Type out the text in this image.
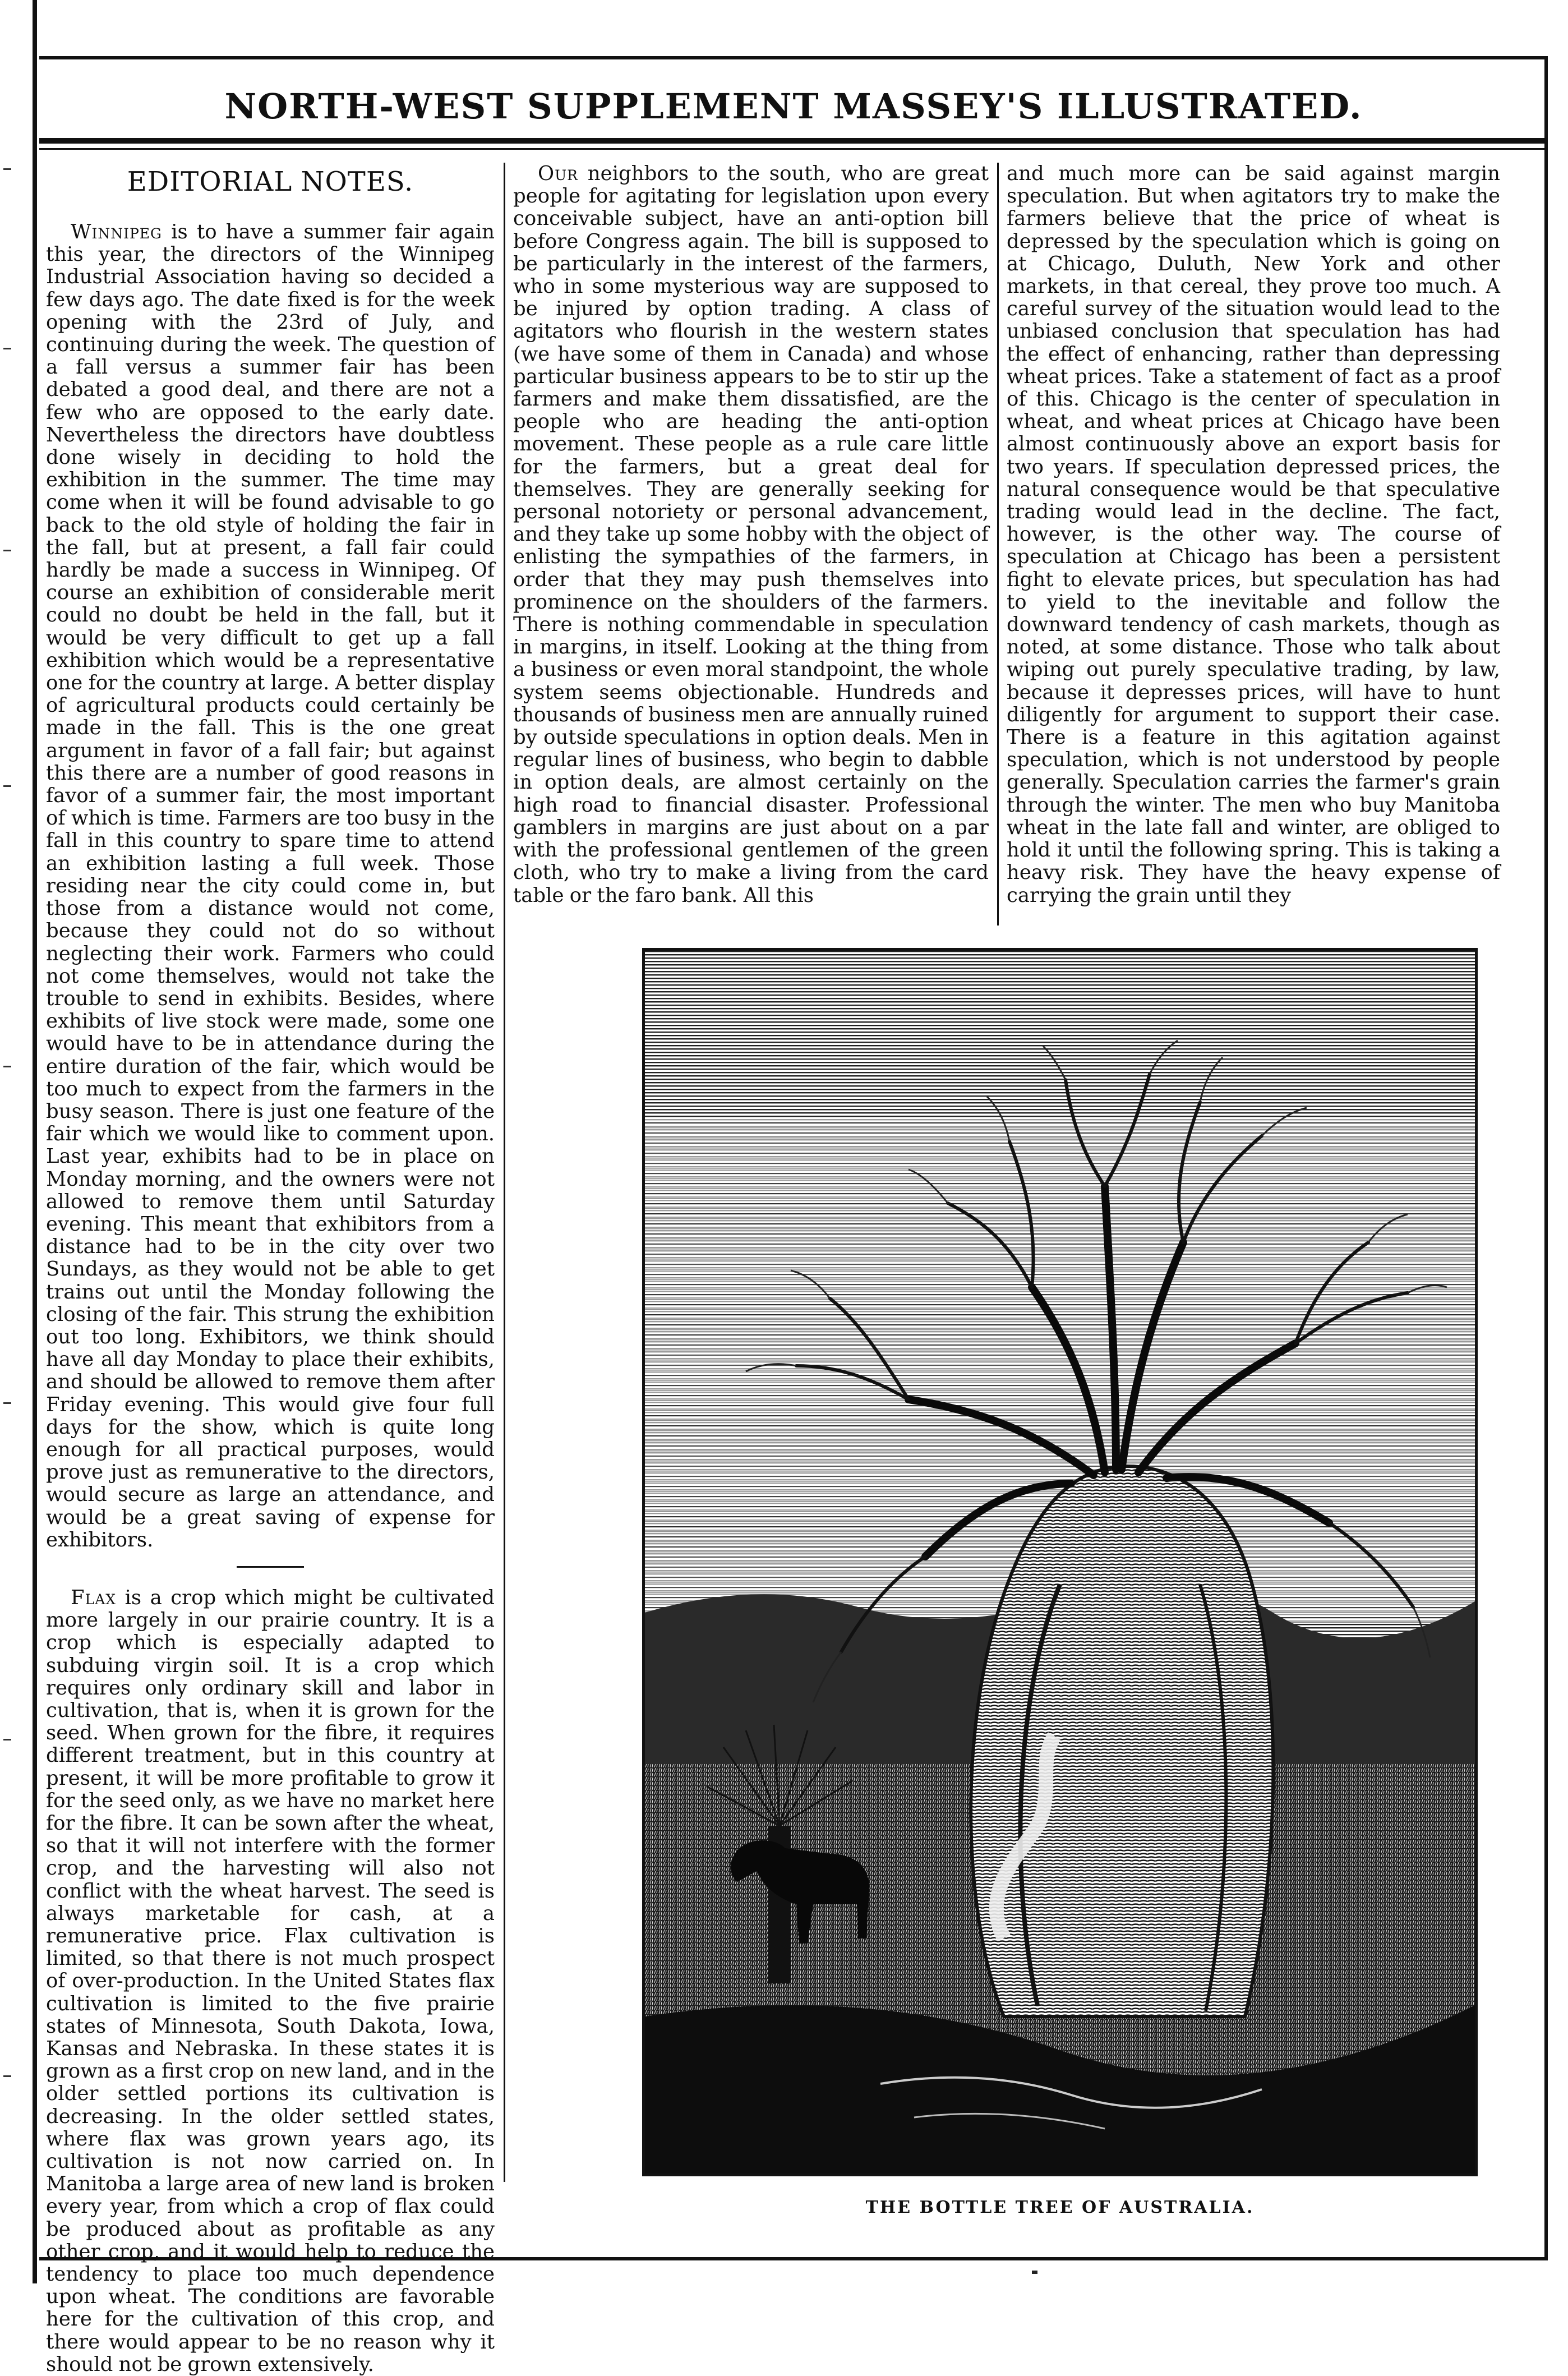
NORTH-WEST SUPPLEMENT MASSEY'S ILLUSTRATED.
EDITORIAL NOTES.

Winnipeg is to have a summer fair again this year, the directors of the Winnipeg Industrial Association having so decided a few days ago. The date fixed is for the week opening with the 23rd of July, and continuing during the week. The question of a fall versus a summer fair has been debated a good deal, and there are not a few who are opposed to the early date. Nevertheless the directors have doubtless done wisely in deciding to hold the exhibition in the summer. The time may come when it will be found advisable to go back to the old style of holding the fair in the fall, but at present, a fall fair could hardly be made a success in Winnipeg. Of course an exhibition of considerable merit could no doubt be held in the fall, but it would be very difficult to get up a fall exhibition which would be a representative one for the country at large. A better display of agricultural products could certainly be made in the fall. This is the one great argument in favor of a fall fair; but against this there are a number of good reasons in favor of a summer fair, the most important of which is time. Farmers are too busy in the fall in this country to spare time to attend an exhibition lasting a full week. Those residing near the city could come in, but those from a distance would not come, because they could not do so without neglecting their work. Farmers who could not come themselves, would not take the trouble to send in exhibits. Besides, where exhibits of live stock were made, some one would have to be in attendance during the entire duration of the fair, which would be too much to expect from the farmers in the busy season. There is just one feature of the fair which we would like to comment upon. Last year, exhibits had to be in place on Monday morning, and the owners were not allowed to remove them until Saturday evening. This meant that exhibitors from a distance had to be in the city over two Sundays, as they would not be able to get trains out until the Monday following the closing of the fair. This strung the exhibition out too long. Exhibitors, we think should have all day Monday to place their exhibits, and should be allowed to remove them after Friday evening. This would give four full days for the show, which is quite long enough for all practical purposes, would prove just as remunerative to the directors, would secure as large an attendance, and would be a great saving of expense for exhibitors.

Flax is a crop which might be cultivated more largely in our prairie country. It is a crop which is especially adapted to subduing virgin soil. It is a crop which requires only ordinary skill and labor in cultivation, that is, when it is grown for the seed. When grown for the fibre, it requires different treatment, but in this country at present, it will be more profitable to grow it for the seed only, as we have no market here for the fibre. It can be sown after the wheat, so that it will not interfere with the former crop, and the harvesting will also not conflict with the wheat harvest. The seed is always marketable for cash, at a remunerative price. Flax cultivation is limited, so that there is not much prospect of over-production. In the United States flax cultivation is limited to the five prairie states of Minnesota, South Dakota, Iowa, Kansas and Nebraska. In these states it is grown as a first crop on new land, and in the older settled portions its cultivation is decreasing. In the older settled states, where flax was grown years ago, its cultivation is not now carried on. In Manitoba a large area of new land is broken every year, from which a crop of flax could be produced about as profitable as any other crop, and it would help to reduce the tendency to place too much dependence upon wheat. The conditions are favorable here for the cultivation of this crop, and there would appear to be no reason why it should not be grown extensively.

Our neighbors to the south, who are great people for agitating for legislation upon every conceivable subject, have an anti-option bill before Congress again. The bill is supposed to be particularly in the interest of the farmers, who in some mysterious way are supposed to be injured by option trading. A class of agitators who flourish in the western states (we have some of them in Canada) and whose particular business appears to be to stir up the farmers and make them dissatisfied, are the people who are heading the anti-option movement. These people as a rule care little for the farmers, but a great deal for themselves. They are generally seeking for personal notoriety or personal advancement, and they take up some hobby with the object of enlisting the sympathies of the farmers, in order that they may push themselves into prominence on the shoulders of the farmers. There is nothing commendable in speculation in margins, in itself. Looking at the thing from a business or even moral standpoint, the whole system seems objectionable. Hundreds and thousands of business men are annually ruined by outside speculations in option deals. Men in regular lines of business, who begin to dabble in option deals, are almost certainly on the high road to financial disaster. Professional gamblers in margins are just about on a par with the professional gentlemen of the green cloth, who try to make a living from the card table or the faro bank. All this

and much more can be said against margin speculation. But when agitators try to make the farmers believe that the price of wheat is depressed by the speculation which is going on at Chicago, Duluth, New York and other markets, in that cereal, they prove too much. A careful survey of the situation would lead to the unbiased conclusion that speculation has had the effect of enhancing, rather than depressing wheat prices. Take a statement of fact as a proof of this. Chicago is the center of speculation in wheat, and wheat prices at Chicago have been almost continuously above an export basis for two years. If speculation depressed prices, the natural consequence would be that speculative trading would lead in the decline. The fact, however, is the other way. The course of speculation at Chicago has been a persistent fight to elevate prices, but speculation has had to yield to the inevitable and follow the downward tendency of cash markets, though as noted, at some distance. Those who talk about wiping out purely speculative trading, by law, because it depresses prices, will have to hunt diligently for argument to support their case. There is a feature in this agitation against speculation, which is not understood by people generally. Speculation carries the farmer's grain through the winter. The men who buy Manitoba wheat in the late fall and winter, are obliged to hold it until the following spring. This is taking a heavy risk. They have the heavy expense of carrying the grain until they

THE BOTTLE TREE OF AUSTRALIA.
